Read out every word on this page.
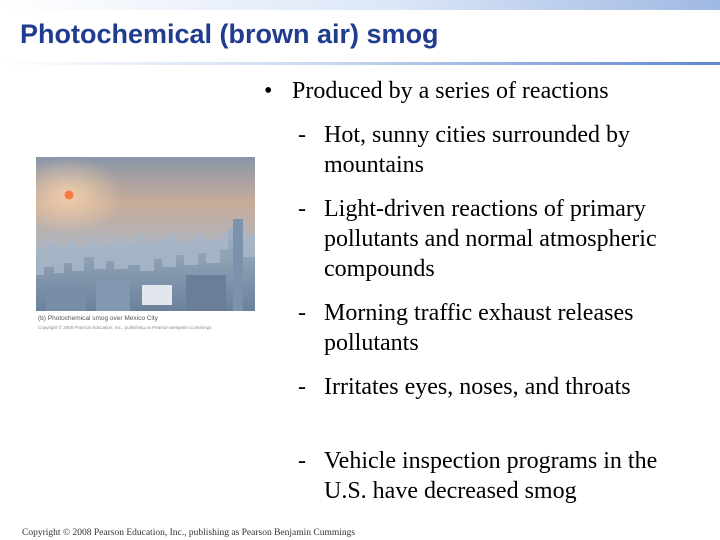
Photochemical (brown air) smog
(b) Photochemical smog over Mexico City
Copyright © 2008 Pearson Education, Inc., publishing as Pearson Benjamin Cummings
• Produced by a series of reactions
- Hot, sunny cities surrounded by mountains
- Light-driven reactions of primary pollutants and normal atmospheric compounds
- Morning traffic exhaust releases pollutants
- Irritates eyes, noses, and throats
- Vehicle inspection programs in the U.S. have decreased smog
Copyright © 2008 Pearson Education, Inc., publishing as Pearson Benjamin Cummings
